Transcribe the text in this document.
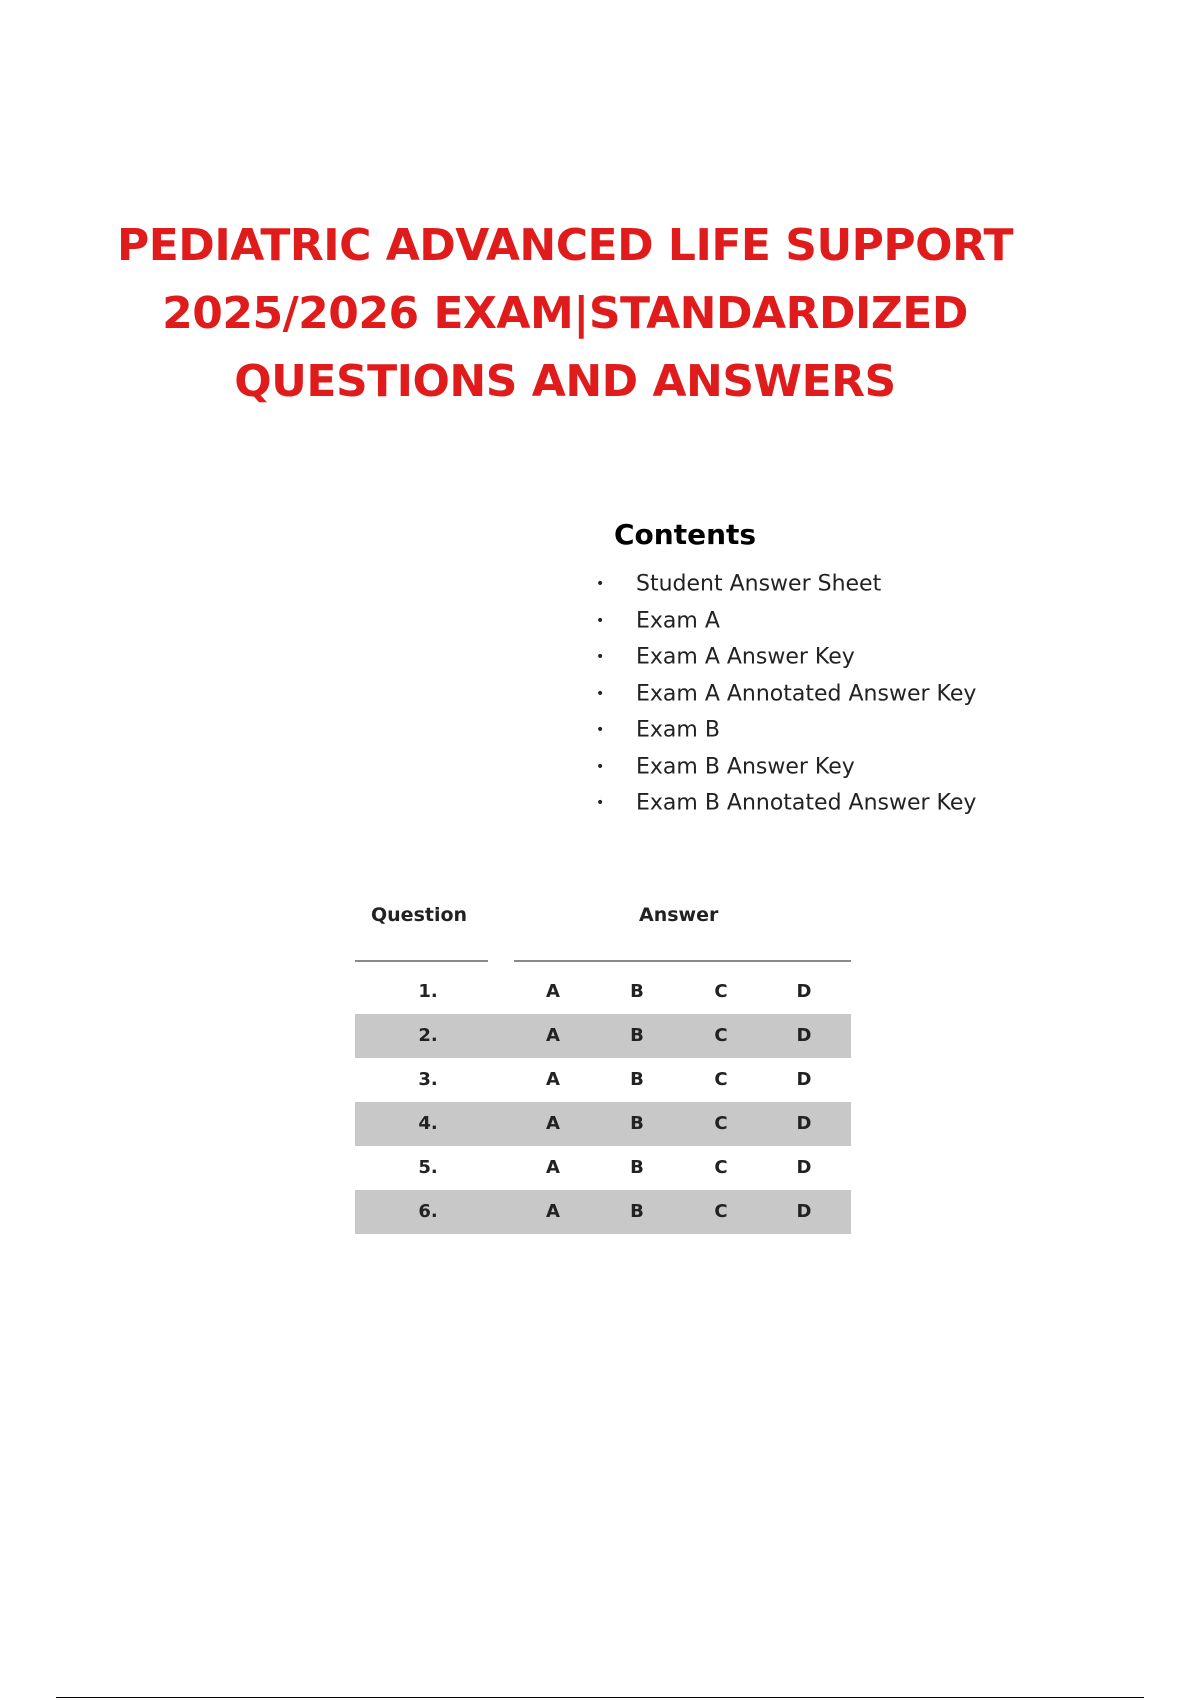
PEDIATRIC ADVANCED LIFE SUPPORT
2025/2026 EXAM|STANDARDIZED
QUESTIONS AND ANSWERS
Contents
• Student Answer Sheet
• Exam A
• Exam A Answer Key
• Exam A Annotated Answer Key
• Exam B
• Exam B Answer Key
• Exam B Annotated Answer Key
Question	Answer
1.	A	B	C	D
2.	A	B	C	D
3.	A	B	C	D
4.	A	B	C	D
5.	A	B	C	D
6.	A	B	C	D
